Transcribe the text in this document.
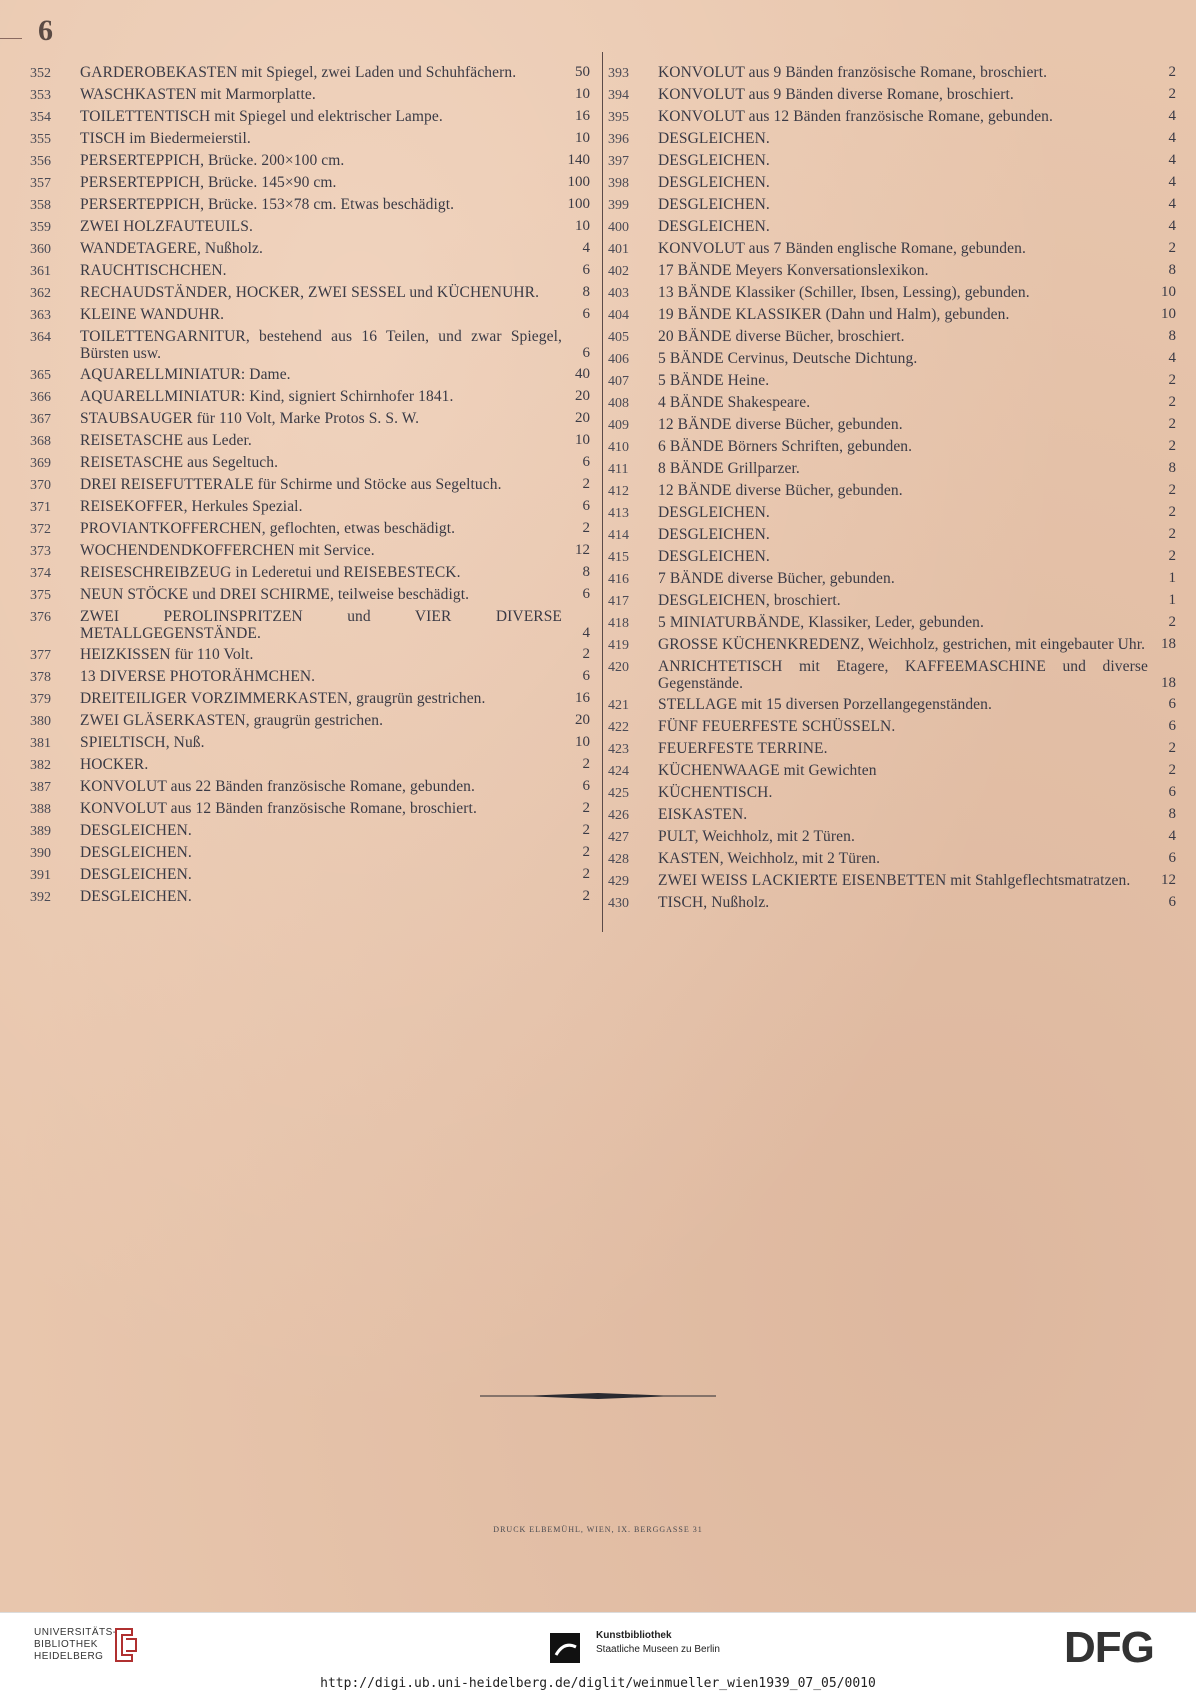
6
352	GARDEROBEKASTEN mit Spiegel, zwei Laden und Schuhfächern.	50
353	WASCHKASTEN mit Marmorplatte.	10
354	TOILETTENTISCH mit Spiegel und elektrischer Lampe.	16
355	TISCH im Biedermeierstil.	10
356	PERSERTEPPICH, Brücke. 200×100 cm.	140
357	PERSERTEPPICH, Brücke. 145×90 cm.	100
358	PERSERTEPPICH, Brücke. 153×78 cm. Etwas beschädigt.	100
359	ZWEI HOLZFAUTEUILS.	10
360	WANDETAGERE, Nußholz.	4
361	RAUCHTISCHCHEN.	6
362	RECHAUDSTÄNDER, HOCKER, ZWEI SESSEL und KÜCHENUHR.	8
363	KLEINE WANDUHR.	6
364	TOILETTENGARNITUR, bestehend aus 16 Teilen, und zwar Spiegel, Bürsten usw.	6
365	AQUARELLMINIATUR: Dame.	40
366	AQUARELLMINIATUR: Kind, signiert Schirnhofer 1841.	20
367	STAUBSAUGER für 110 Volt, Marke Protos S. S. W.	20
368	REISETASCHE aus Leder.	10
369	REISETASCHE aus Segeltuch.	6
370	DREI REISEFUTTERALE für Schirme und Stöcke aus Segeltuch.	2
371	REISEKOFFER, Herkules Spezial.	6
372	PROVIANTKOFFERCHEN, geflochten, etwas beschädigt.	2
373	WOCHENDENDKOFFERCHEN mit Service.	12
374	REISESCHREIBZEUG in Lederetui und REISEBESTECK.	8
375	NEUN STÖCKE und DREI SCHIRME, teilweise beschädigt.	6
376	ZWEI PEROLINSPRITZEN und VIER DIVERSE METALLGEGENSTÄNDE.	4
377	HEIZKISSEN für 110 Volt.	2
378	13 DIVERSE PHOTORÄHMCHEN.	6
379	DREITEILIGER VORZIMMERKASTEN, graugrün gestrichen.	16
380	ZWEI GLÄSERKASTEN, graugrün gestrichen.	20
381	SPIELTISCH, Nuß.	10
382	HOCKER.	2
387	KONVOLUT aus 22 Bänden französische Romane, gebunden.	6
388	KONVOLUT aus 12 Bänden französische Romane, broschiert.	2
389	DESGLEICHEN.	2
390	DESGLEICHEN.	2
391	DESGLEICHEN.	2
392	DESGLEICHEN.	2
393	KONVOLUT aus 9 Bänden französische Romane, broschiert.	2
394	KONVOLUT aus 9 Bänden diverse Romane, broschiert.	2
395	KONVOLUT aus 12 Bänden französische Romane, gebunden.	4
396	DESGLEICHEN.	4
397	DESGLEICHEN.	4
398	DESGLEICHEN.	4
399	DESGLEICHEN.	4
400	DESGLEICHEN.	4
401	KONVOLUT aus 7 Bänden englische Romane, gebunden.	2
402	17 BÄNDE Meyers Konversationslexikon.	8
403	13 BÄNDE Klassiker (Schiller, Ibsen, Lessing), gebunden.	10
404	19 BÄNDE KLASSIKER (Dahn und Halm), gebunden.	10
405	20 BÄNDE diverse Bücher, broschiert.	8
406	5 BÄNDE Cervinus, Deutsche Dichtung.	4
407	5 BÄNDE Heine.	2
408	4 BÄNDE Shakespeare.	2
409	12 BÄNDE diverse Bücher, gebunden.	2
410	6 BÄNDE Börners Schriften, gebunden.	2
411	8 BÄNDE Grillparzer.	8
412	12 BÄNDE diverse Bücher, gebunden.	2
413	DESGLEICHEN.	2
414	DESGLEICHEN.	2
415	DESGLEICHEN.	2
416	7 BÄNDE diverse Bücher, gebunden.	1
417	DESGLEICHEN, broschiert.	1
418	5 MINIATURBÄNDE, Klassiker, Leder, gebunden.	2
419	GROSSE KÜCHENKREDENZ, Weichholz, gestrichen, mit eingebauter Uhr.	18
420	ANRICHTETISCH mit Etagere, KAFFEEMASCHINE und diverse Gegenstände.	18
421	STELLAGE mit 15 diversen Porzellangegenständen.	6
422	FÜNF FEUERFESTE SCHÜSSELN.	6
423	FEUERFESTE TERRINE.	2
424	KÜCHENWAAGE mit Gewichten	2
425	KÜCHENTISCH.	6
426	EISKASTEN.	8
427	PULT, Weichholz, mit 2 Türen.	4
428	KASTEN, Weichholz, mit 2 Türen.	6
429	ZWEI WEISS LACKIERTE EISENBETTEN mit Stahlgeflechtsmatratzen.	12
430	TISCH, Nußholz.	6
DRUCK ELBEMÜHL, WIEN, IX. BERGGASSE 31
UNIVERSITÄTS-
BIBLIOTHEK
HEIDELBERG
Kunstbibliothek
Staatliche Museen zu Berlin	DFG
http://digi.ub.uni-heidelberg.de/diglit/weinmueller_wien1939_07_05/0010
